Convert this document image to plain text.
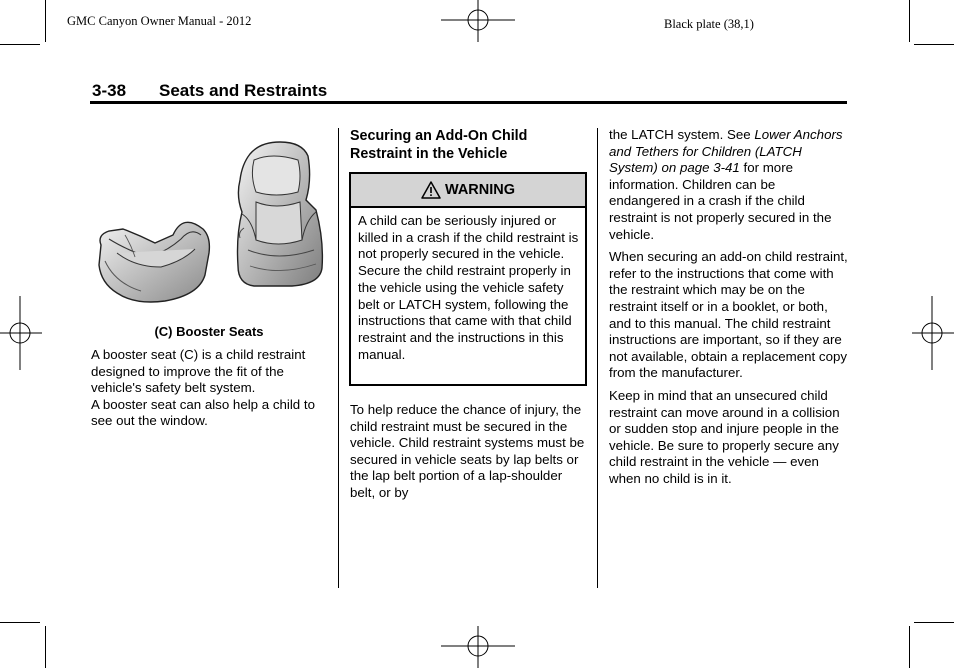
GMC Canyon Owner Manual - 2012	Black plate (38,1)
3-38 Seats and Restraints
(C) Booster Seats

A booster seat (C) is a child restraint designed to improve the fit of the vehicle's safety belt system.

A booster seat can also help a child to see out the window.

Securing an Add-On Child Restraint in the Vehicle

WARNING
A child can be seriously injured or killed in a crash if the child restraint is not properly secured in the vehicle. Secure the child restraint properly in the vehicle using the vehicle safety belt or LATCH system, following the instructions that came with that child restraint and the instructions in this manual.

To help reduce the chance of injury, the child restraint must be secured in the vehicle. Child restraint systems must be secured in vehicle seats by lap belts or the lap belt portion of a lap-shoulder belt, or by

the LATCH system. See Lower Anchors and Tethers for Children (LATCH System) on page 3-41 for more information. Children can be endangered in a crash if the child restraint is not properly secured in the vehicle.

When securing an add-on child restraint, refer to the instructions that come with the restraint which may be on the restraint itself or in a booklet, or both, and to this manual. The child restraint instructions are important, so if they are not available, obtain a replacement copy from the manufacturer.

Keep in mind that an unsecured child restraint can move around in a collision or sudden stop and injure people in the vehicle. Be sure to properly secure any child restraint in the vehicle — even when no child is in it.
